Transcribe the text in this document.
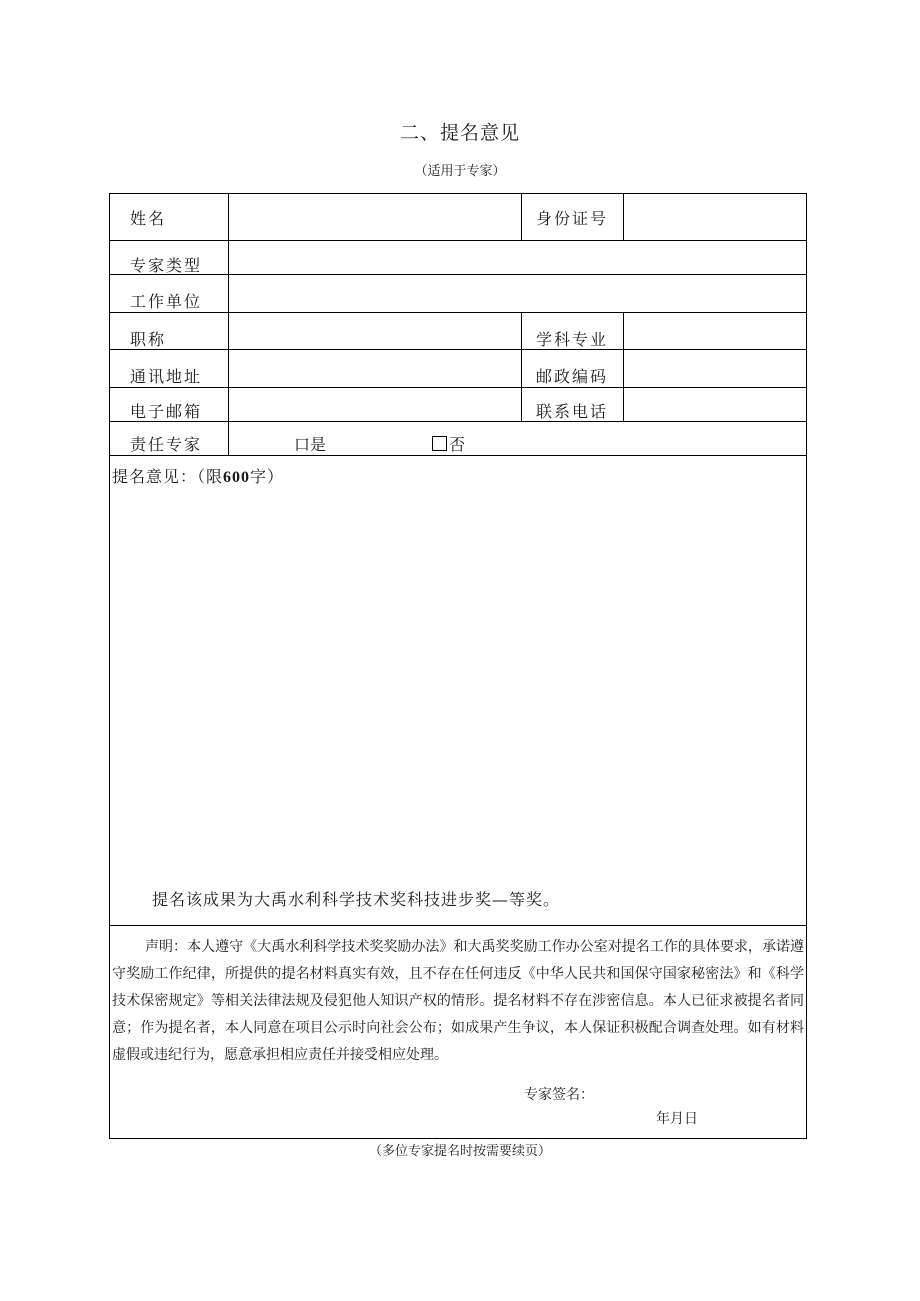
二、提名意见
（适用于专家）
姓名	身份证号
专家类型
工作单位
职称	学科专业
通讯地址	邮政编码
电子邮箱	联系电话
责任专家	口是	否
提名意见：（限600字）
提名该成果为大禹水利科学技术奖科技进步奖—等奖。
声明：本人遵守《大禹水利科学技术奖奖励办法》和大禹奖奖励工作办公室对提名工作的具体要求，承诺遵守奖励工作纪律，所提供的提名材料真实有效，且不存在任何违反《中华人民共和国保守国家秘密法》和《科学技术保密规定》等相关法律法规及侵犯他人知识产权的情形。提名材料不存在涉密信息。本人已征求被提名者同意；作为提名者，本人同意在项目公示时向社会公布；如成果产生争议，本人保证积极配合调查处理。如有材料虚假或违纪行为，愿意承担相应责任并接受相应处理。
专家签名：
年月日
（多位专家提名时按需要续页）
